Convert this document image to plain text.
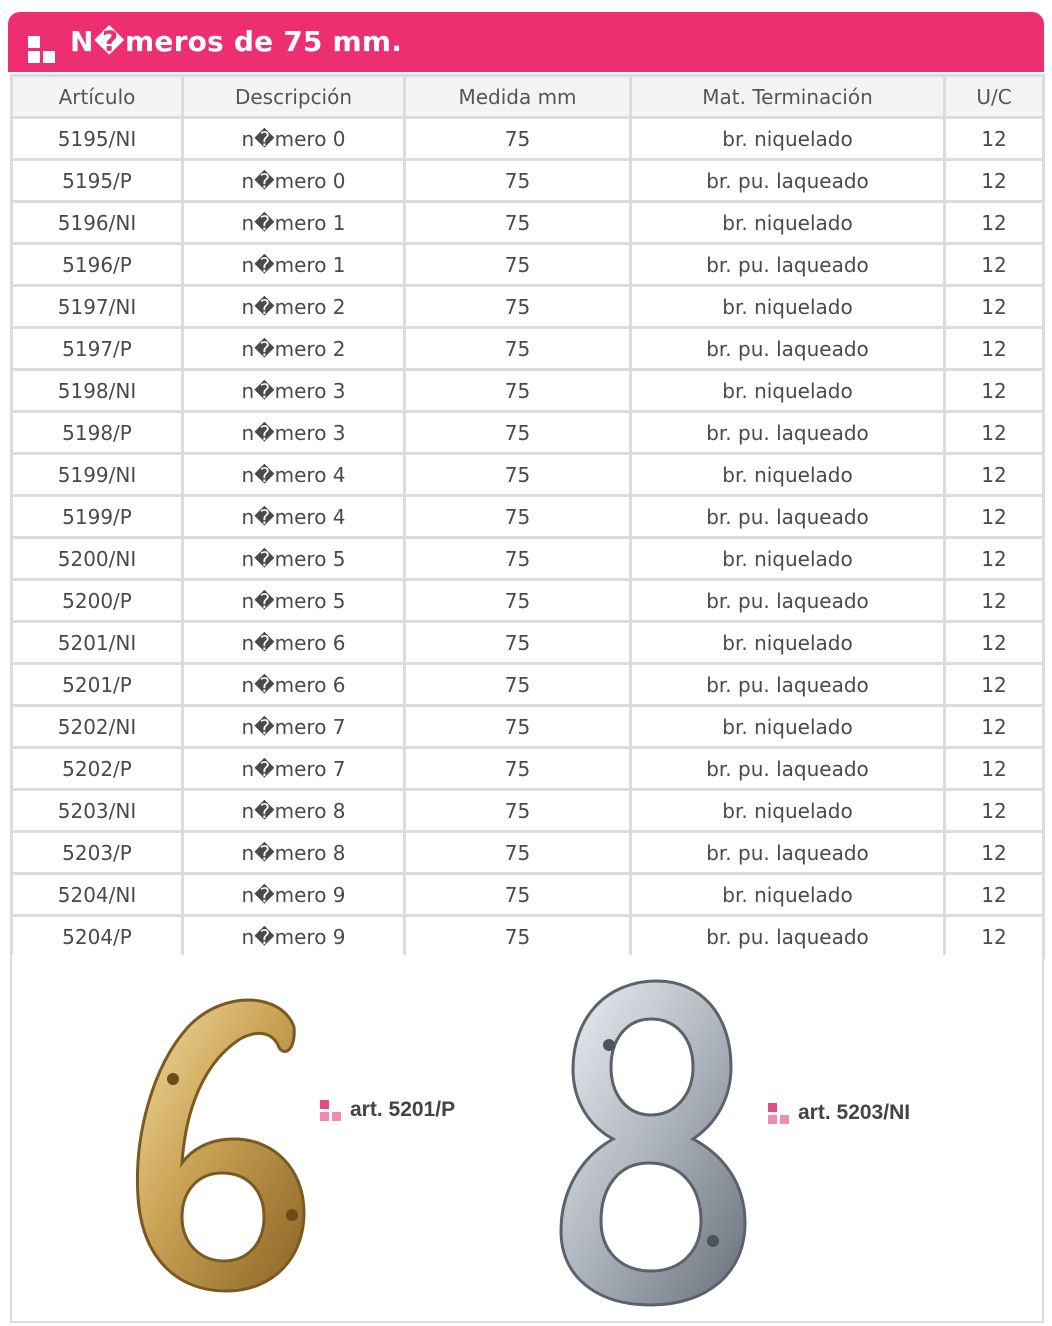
N�meros de 75 mm.
Artículo	Descripción	Medida mm	Mat. Terminación	U/C
5195/NI	n�mero 0	75	br. niquelado	12
5195/P	n�mero 0	75	br. pu. laqueado	12
5196/NI	n�mero 1	75	br. niquelado	12
5196/P	n�mero 1	75	br. pu. laqueado	12
5197/NI	n�mero 2	75	br. niquelado	12
5197/P	n�mero 2	75	br. pu. laqueado	12
5198/NI	n�mero 3	75	br. niquelado	12
5198/P	n�mero 3	75	br. pu. laqueado	12
5199/NI	n�mero 4	75	br. niquelado	12
5199/P	n�mero 4	75	br. pu. laqueado	12
5200/NI	n�mero 5	75	br. niquelado	12
5200/P	n�mero 5	75	br. pu. laqueado	12
5201/NI	n�mero 6	75	br. niquelado	12
5201/P	n�mero 6	75	br. pu. laqueado	12
5202/NI	n�mero 7	75	br. niquelado	12
5202/P	n�mero 7	75	br. pu. laqueado	12
5203/NI	n�mero 8	75	br. niquelado	12
5203/P	n�mero 8	75	br. pu. laqueado	12
5204/NI	n�mero 9	75	br. niquelado	12
5204/P	n�mero 9	75	br. pu. laqueado	12
art. 5201/P	art. 5203/NI
